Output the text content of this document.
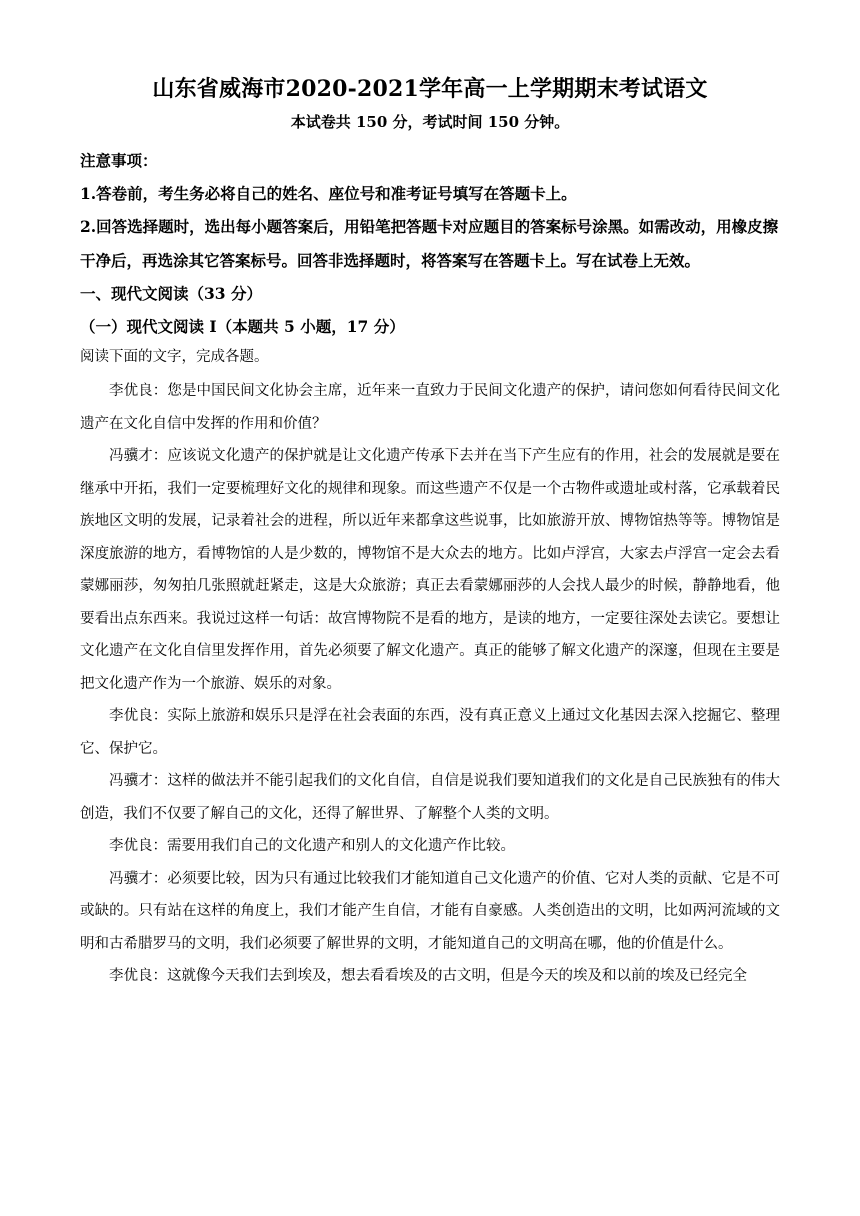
山东省威海市2020-2021学年高一上学期期末考试语文

本试卷共 150 分，考试时间 150 分钟。

注意事项：

1.答卷前，考生务必将自己的姓名、座位号和准考证号填写在答题卡上。

2.回答选择题时，选出每小题答案后，用铅笔把答题卡对应题目的答案标号涂黑。如需改动，用橡皮擦干净后，再选涂其它答案标号。回答非选择题时，将答案写在答题卡上。写在试卷上无效。

一、现代文阅读（33 分）

（一）现代文阅读 I（本题共 5 小题，17 分）

阅读下面的文字，完成各题。

李优良：您是中国民间文化协会主席，近年来一直致力于民间文化遗产的保护，请问您如何看待民间文化遗产在文化自信中发挥的作用和价值？

冯骥才：应该说文化遗产的保护就是让文化遗产传承下去并在当下产生应有的作用，社会的发展就是要在继承中开拓，我们一定要梳理好文化的规律和现象。而这些遗产不仅是一个古物件或遗址或村落，它承载着民族地区文明的发展，记录着社会的进程，所以近年来都拿这些说事，比如旅游开放、博物馆热等等。博物馆是深度旅游的地方，看博物馆的人是少数的，博物馆不是大众去的地方。比如卢浮宫，大家去卢浮宫一定会去看蒙娜丽莎，匆匆拍几张照就赶紧走，这是大众旅游；真正去看蒙娜丽莎的人会找人最少的时候，静静地看，他要看出点东西来。我说过这样一句话：故宫博物院不是看的地方，是读的地方，一定要往深处去读它。要想让文化遗产在文化自信里发挥作用，首先必须要了解文化遗产。真正的能够了解文化遗产的深邃，但现在主要是把文化遗产作为一个旅游、娱乐的对象。

李优良：实际上旅游和娱乐只是浮在社会表面的东西，没有真正意义上通过文化基因去深入挖掘它、整理它、保护它。

冯骥才：这样的做法并不能引起我们的文化自信，自信是说我们要知道我们的文化是自己民族独有的伟大创造，我们不仅要了解自己的文化，还得了解世界、了解整个人类的文明。

李优良：需要用我们自己的文化遗产和别人的文化遗产作比较。

冯骥才：必须要比较，因为只有通过比较我们才能知道自己文化遗产的价值、它对人类的贡献、它是不可或缺的。只有站在这样的角度上，我们才能产生自信，才能有自豪感。人类创造出的文明，比如两河流域的文明和古希腊罗马的文明，我们必须要了解世界的文明，才能知道自己的文明高在哪，他的价值是什么。

李优良：这就像今天我们去到埃及，想去看看埃及的古文明，但是今天的埃及和以前的埃及已经完全
